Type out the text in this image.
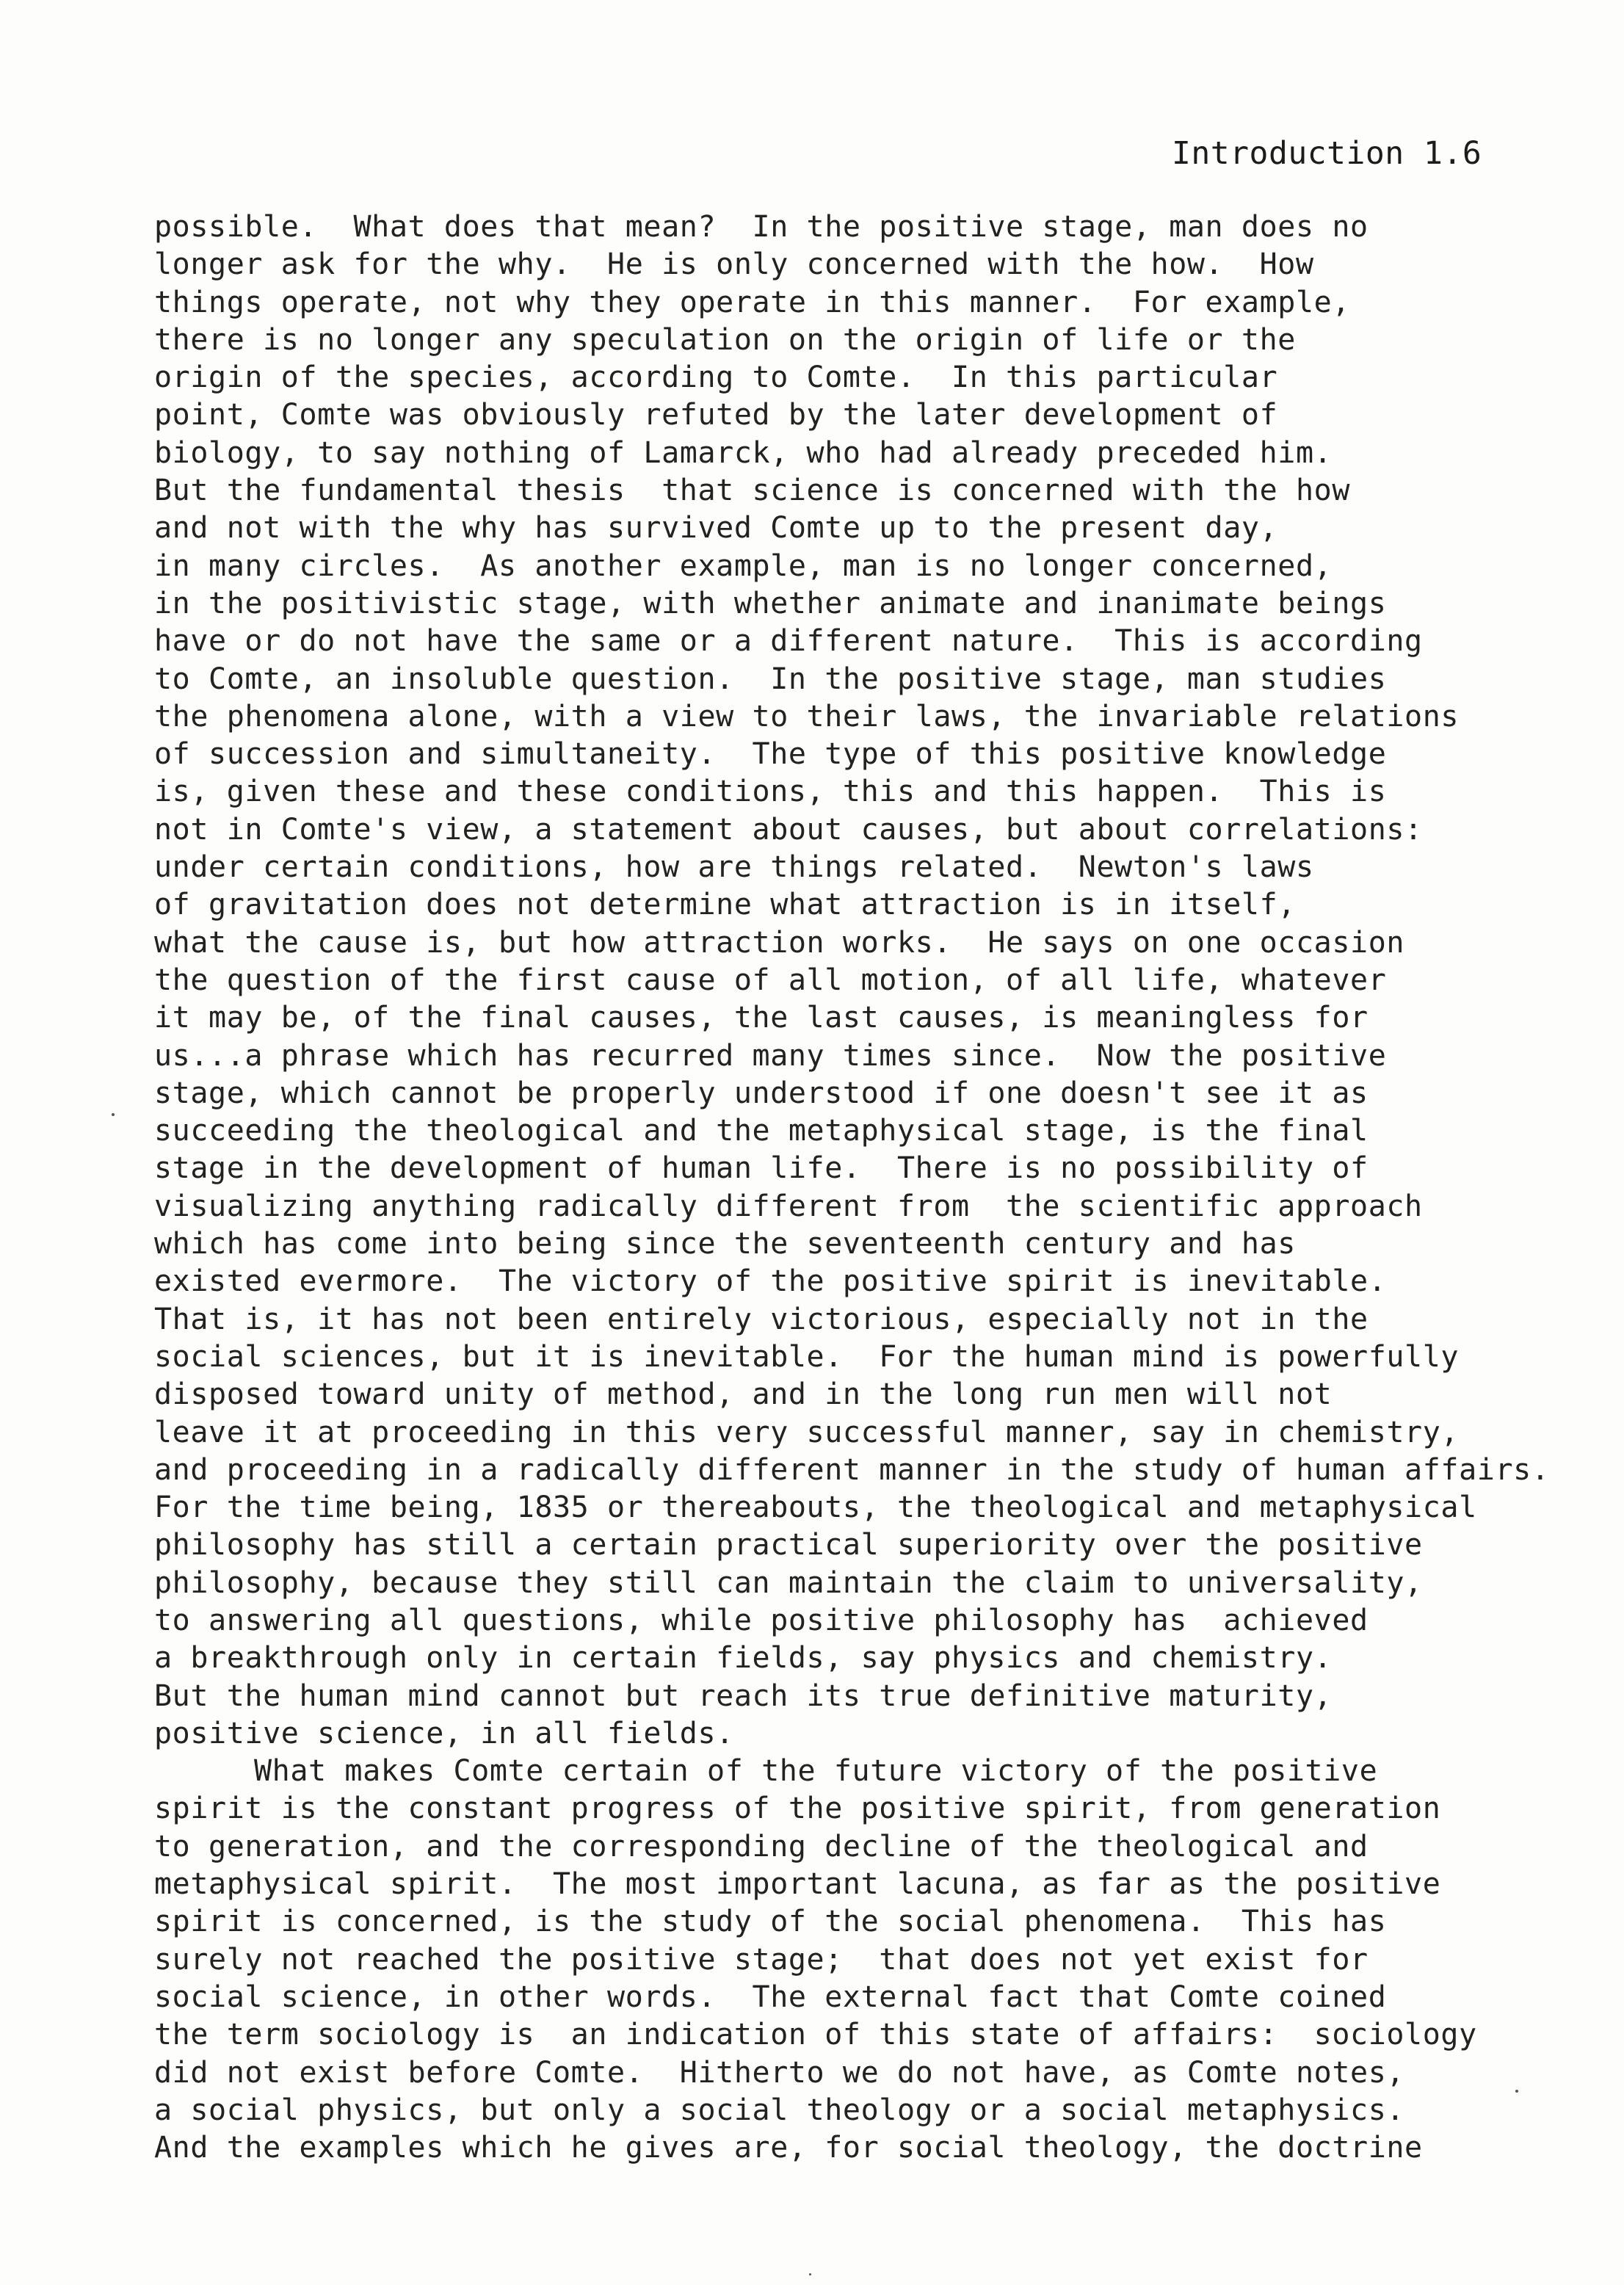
Introduction 1.6
possible.  What does that mean?  In the positive stage, man does no
longer ask for the why.  He is only concerned with the how.  How
things operate, not why they operate in this manner.  For example,
there is no longer any speculation on the origin of life or the
origin of the species, according to Comte.  In this particular
point, Comte was obviously refuted by the later development of
biology, to say nothing of Lamarck, who had already preceded him.
But the fundamental thesis  that science is concerned with the how
and not with the why has survived Comte up to the present day,
in many circles.  As another example, man is no longer concerned,
in the positivistic stage, with whether animate and inanimate beings
have or do not have the same or a different nature.  This is according
to Comte, an insoluble question.  In the positive stage, man studies
the phenomena alone, with a view to their laws, the invariable relations
of succession and simultaneity.  The type of this positive knowledge
is, given these and these conditions, this and this happen.  This is
not in Comte's view, a statement about causes, but about correlations:
under certain conditions, how are things related.  Newton's laws
of gravitation does not determine what attraction is in itself,
what the cause is, but how attraction works.  He says on one occasion
the question of the first cause of all motion, of all life, whatever
it may be, of the final causes, the last causes, is meaningless for
us...a phrase which has recurred many times since.  Now the positive
stage, which cannot be properly understood if one doesn't see it as
succeeding the theological and the metaphysical stage, is the final
stage in the development of human life.  There is no possibility of
visualizing anything radically different from  the scientific approach
which has come into being since the seventeenth century and has
existed evermore.  The victory of the positive spirit is inevitable.
That is, it has not been entirely victorious, especially not in the
social sciences, but it is inevitable.  For the human mind is powerfully
disposed toward unity of method, and in the long run men will not
leave it at proceeding in this very successful manner, say in chemistry,
and proceeding in a radically different manner in the study of human affairs.
For the time being, 1835 or thereabouts, the theological and metaphysical
philosophy has still a certain practical superiority over the positive
philosophy, because they still can maintain the claim to universality,
to answering all questions, while positive philosophy has  achieved
a breakthrough only in certain fields, say physics and chemistry.
But the human mind cannot but reach its true definitive maturity,
positive science, in all fields.
What makes Comte certain of the future victory of the positive
spirit is the constant progress of the positive spirit, from generation
to generation, and the corresponding decline of the theological and
metaphysical spirit.  The most important lacuna, as far as the positive
spirit is concerned, is the study of the social phenomena.  This has
surely not reached the positive stage;  that does not yet exist for
social science, in other words.  The external fact that Comte coined
the term sociology is  an indication of this state of affairs:  sociology
did not exist before Comte.  Hitherto we do not have, as Comte notes,
a social physics, but only a social theology or a social metaphysics.
And the examples which he gives are, for social theology, the doctrine
